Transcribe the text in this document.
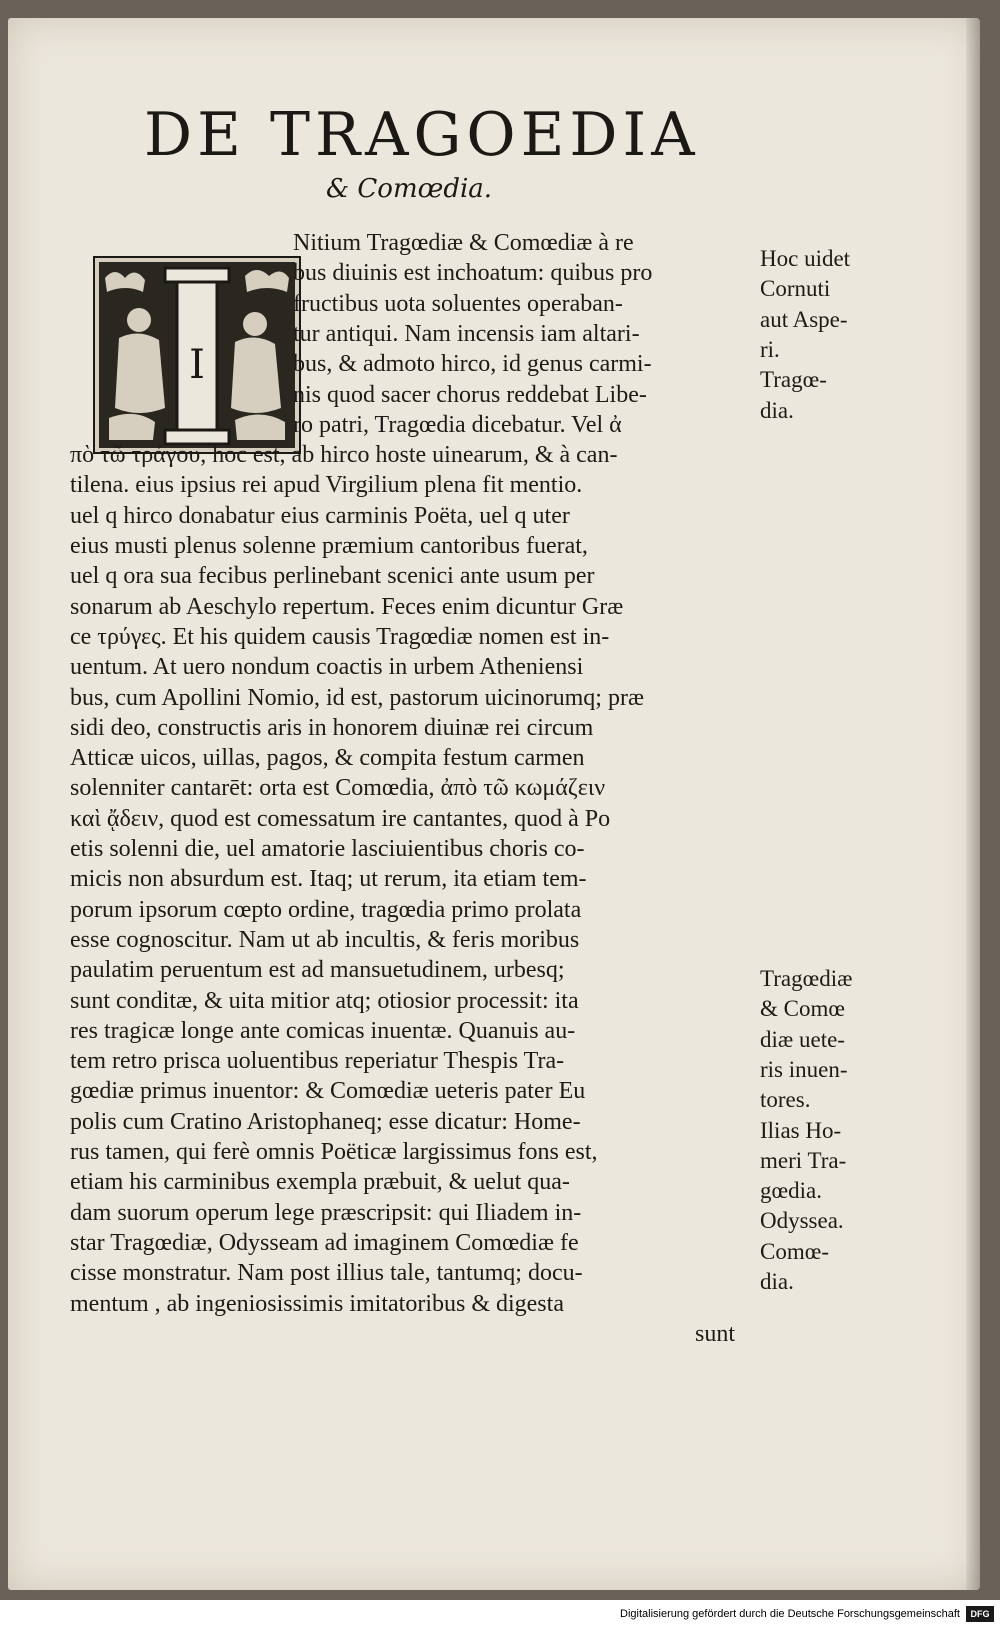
DE TRAGOEDIA
& Comœdia.
I
Nitium Tragœdiæ & Comœdiæ à re
bus diuinis est inchoatum: quibus pro
fructibus uota soluentes operaban-
tur antiqui. Nam incensis iam altari-
bus, & admoto hirco, id genus carmi-
nis quod sacer chorus reddebat Libe-
ro patri, Tragœdia dicebatur. Vel ἀ
πὸ τῶ τράγου, hoc est, ab hirco hoste uinearum, & à can-
tilena. eius ipsius rei apud Virgilium plena fit mentio.
uel q hirco donabatur eius carminis Poëta, uel q uter
eius musti plenus solenne præmium cantoribus fuerat,
uel q ora sua fecibus perlinebant scenici ante usum per
sonarum ab Aeschylo repertum. Feces enim dicuntur Græ
ce τρύγες. Et his quidem causis Tragœdiæ nomen est in-
uentum. At uero nondum coactis in urbem Atheniensi
bus, cum Apollini Nomio, id est, pastorum uicinorumq; præ
sidi deo, constructis aris in honorem diuinæ rei circum
Atticæ uicos, uillas, pagos, & compita festum carmen
solenniter cantarēt: orta est Comœdia, ἀπὸ τῶ κωμάζειν
καὶ ᾄδειν, quod est comessatum ire cantantes, quod à Po
etis solenni die, uel amatorie lasciuientibus choris co-
micis non absurdum est. Itaq; ut rerum, ita etiam tem-
porum ipsorum cœpto ordine, tragœdia primo prolata
esse cognoscitur. Nam ut ab incultis, & feris moribus
paulatim peruentum est ad mansuetudinem, urbesq;
sunt conditæ, & uita mitior atq; otiosior processit: ita
res tragicæ longe ante comicas inuentæ. Quanuis au-
tem retro prisca uoluentibus reperiatur Thespis Tra-
gœdiæ primus inuentor: & Comœdiæ ueteris pater Eu
polis cum Cratino Aristophaneq; esse dicatur: Home-
rus tamen, qui ferè omnis Poëticæ largissimus fons est,
etiam his carminibus exempla præbuit, & uelut qua-
dam suorum operum lege præscripsit: qui Iliadem in-
star Tragœdiæ, Odysseam ad imaginem Comœdiæ fe
cisse monstratur. Nam post illius tale, tantumq; docu-
mentum , ab ingeniosissimis imitatoribus & digesta
sunt
Hoc uidet
Cornuti
aut Aspe-
ri.
Tragœ-
dia.
Tragœdiæ
& Comœ
diæ uete-
ris inuen-
tores.
Ilias Ho-
meri Tra-
gœdia.
Odyssea.
Comœ-
dia.
Digitalisierung gefördert durch die Deutsche Forschungsgemeinschaft	DFG
